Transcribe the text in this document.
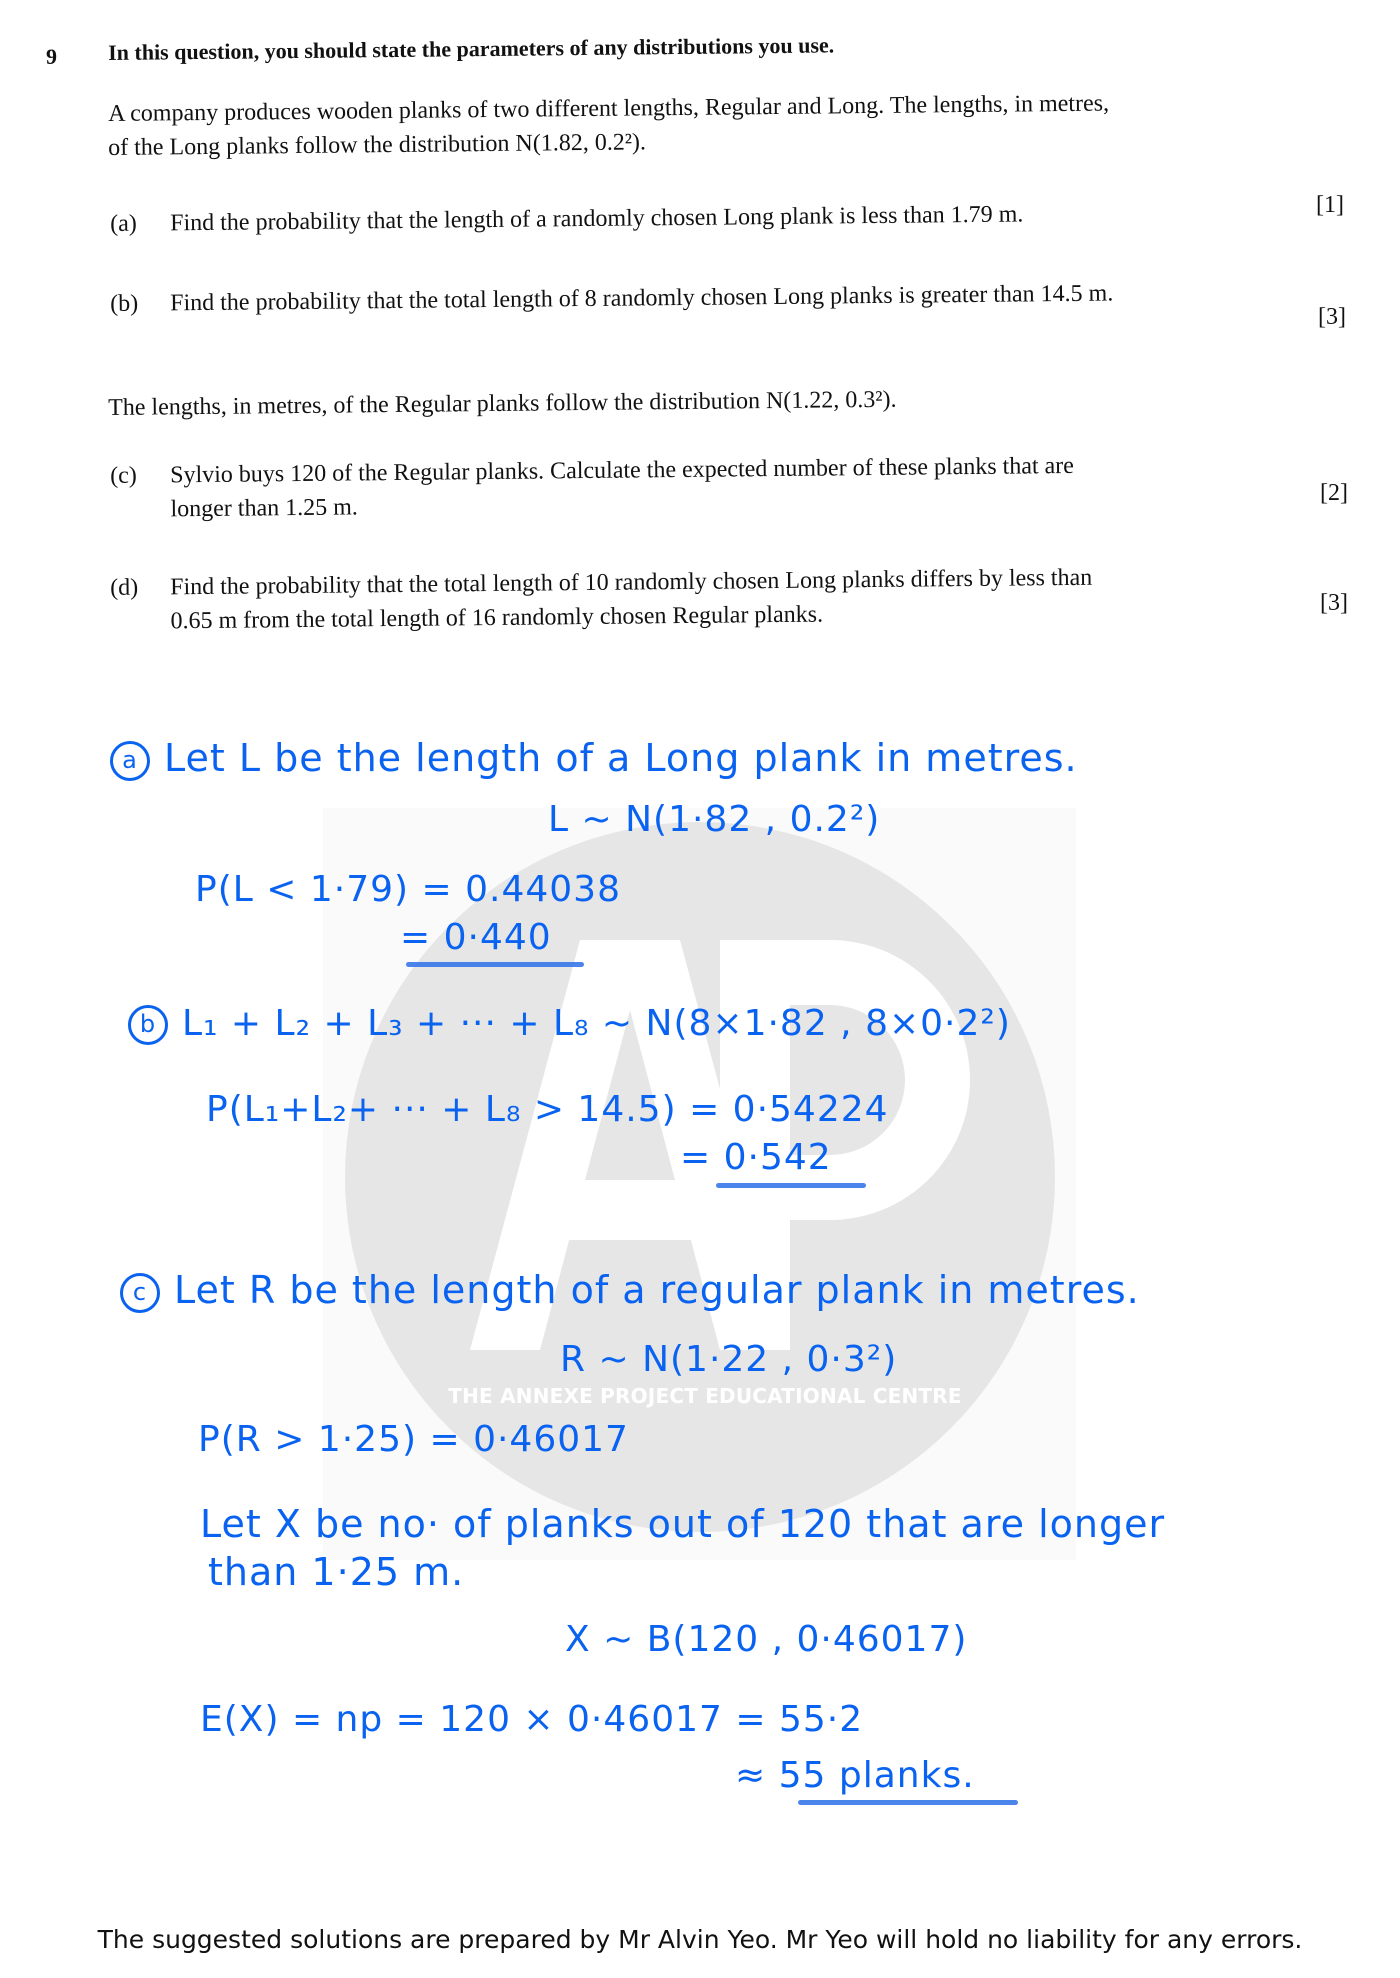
THE ANNEXE PROJECT EDUCATIONAL CENTRE
9 In this question, you should state the parameters of any distributions you use.
A company produces wooden planks of two different lengths, Regular and Long. The lengths, in metres,
of the Long planks follow the distribution N(1.82, 0.2²).
(a) Find the probability that the length of a randomly chosen Long plank is less than 1.79 m.	[1]
(b) Find the probability that the total length of 8 randomly chosen Long planks is greater than 14.5 m.
[3]
The lengths, in metres, of the Regular planks follow the distribution N(1.22, 0.3²).
(c) Sylvio buys 120 of the Regular planks. Calculate the expected number of these planks that are
longer than 1.25 m.
[2]
(d) Find the probability that the total length of 10 randomly chosen Long planks differs by less than
0.65 m from the total length of 16 randomly chosen Regular planks.	[3]
a Let L be the length of a Long plank in metres.
L ~ N(1·82 , 0.2²)
P(L < 1·79) = 0.44038
= 0·440
b L₁ + L₂ + L₃ + ··· + L₈ ~ N(8×1·82 , 8×0·2²)
P(L₁+L₂+ ··· + L₈ > 14.5) = 0·54224
= 0·542
c Let R be the length of a regular plank in metres.
R ~ N(1·22 , 0·3²)
P(R > 1·25) = 0·46017
Let X be no· of planks out of 120 that are longer
than 1·25 m.
X ~ B(120 , 0·46017)
E(X) = np = 120 × 0·46017 = 55·2
≈ 55 planks.
The suggested solutions are prepared by Mr Alvin Yeo. Mr Yeo will hold no liability for any errors.
